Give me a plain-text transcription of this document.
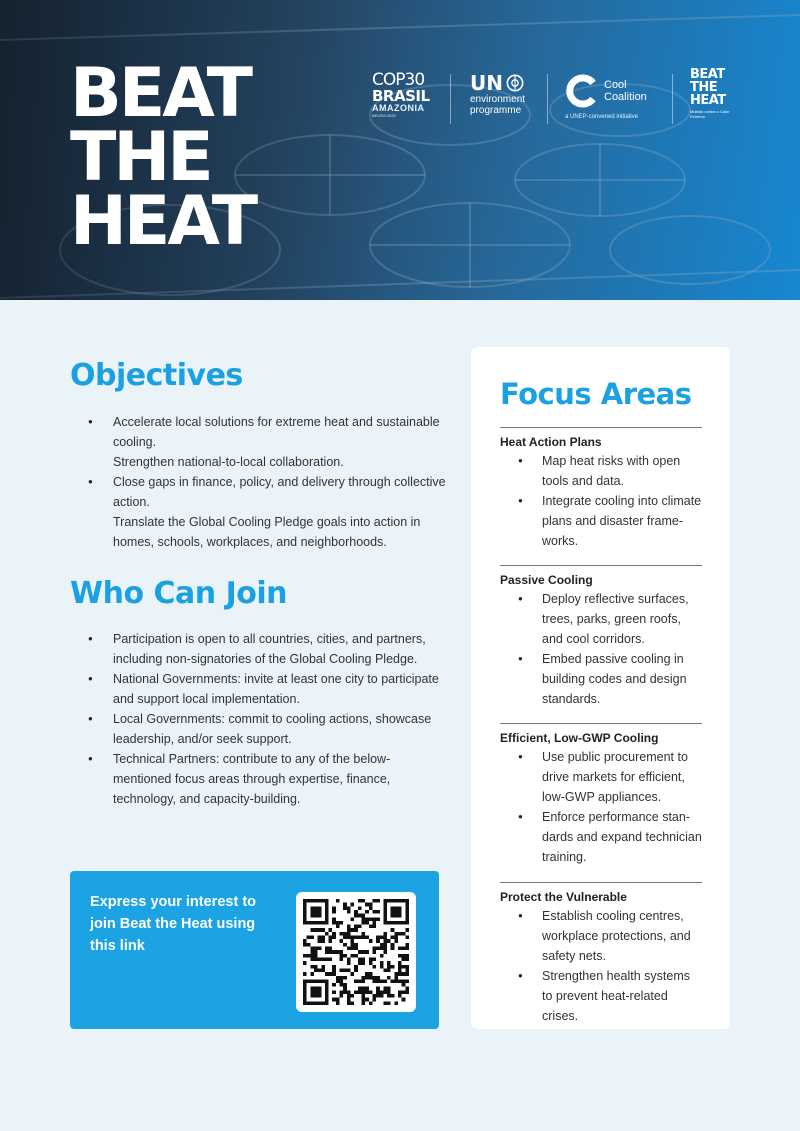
BEAT
THE
HEAT
COP30
BRASIL
AMAZONIA
BELÉM 2025
UN
environment
programme
Cool
Coalition
a UNEP-convened initiative
BEAT
THE
HEAT
Mutirão contra o Calor Extremo
Objectives
● Accelerate local solutions for extreme heat and sustainable cooling.
Strengthen national-to-local collaboration.
● Close gaps in finance, policy, and delivery through collective action.
Translate the Global Cooling Pledge goals into action in homes, schools, workplaces, and neighborhoods.
Who Can Join
● Participation is open to all countries, cities, and partners, including non-signatories of the Global Cooling Pledge.
● National Governments: invite at least one city to participate and support local implementation.
● Local Governments: commit to cooling actions, showcase leadership, and/or seek support.
● Technical Partners: contribute to any of the below-mentioned focus areas through expertise, finance, technology, and capacity-building.
Express your interest to join Beat the Heat using this link
Focus Areas
Heat Action Plans
● Map heat risks with open tools and data.
● Integrate cooling into climate plans and disaster frame-works.
Passive Cooling
● Deploy reflective surfaces, trees, parks, green roofs, and cool corridors.
● Embed passive cooling in building codes and design standards.
Efficient, Low-GWP Cooling
● Use public procurement to drive markets for efficient, low-GWP appliances.
● Enforce performance stan-dards and expand technician training.
Protect the Vulnerable
● Establish cooling centres, workplace protections, and safety nets.
● Strengthen health systems to prevent heat-related crises.
